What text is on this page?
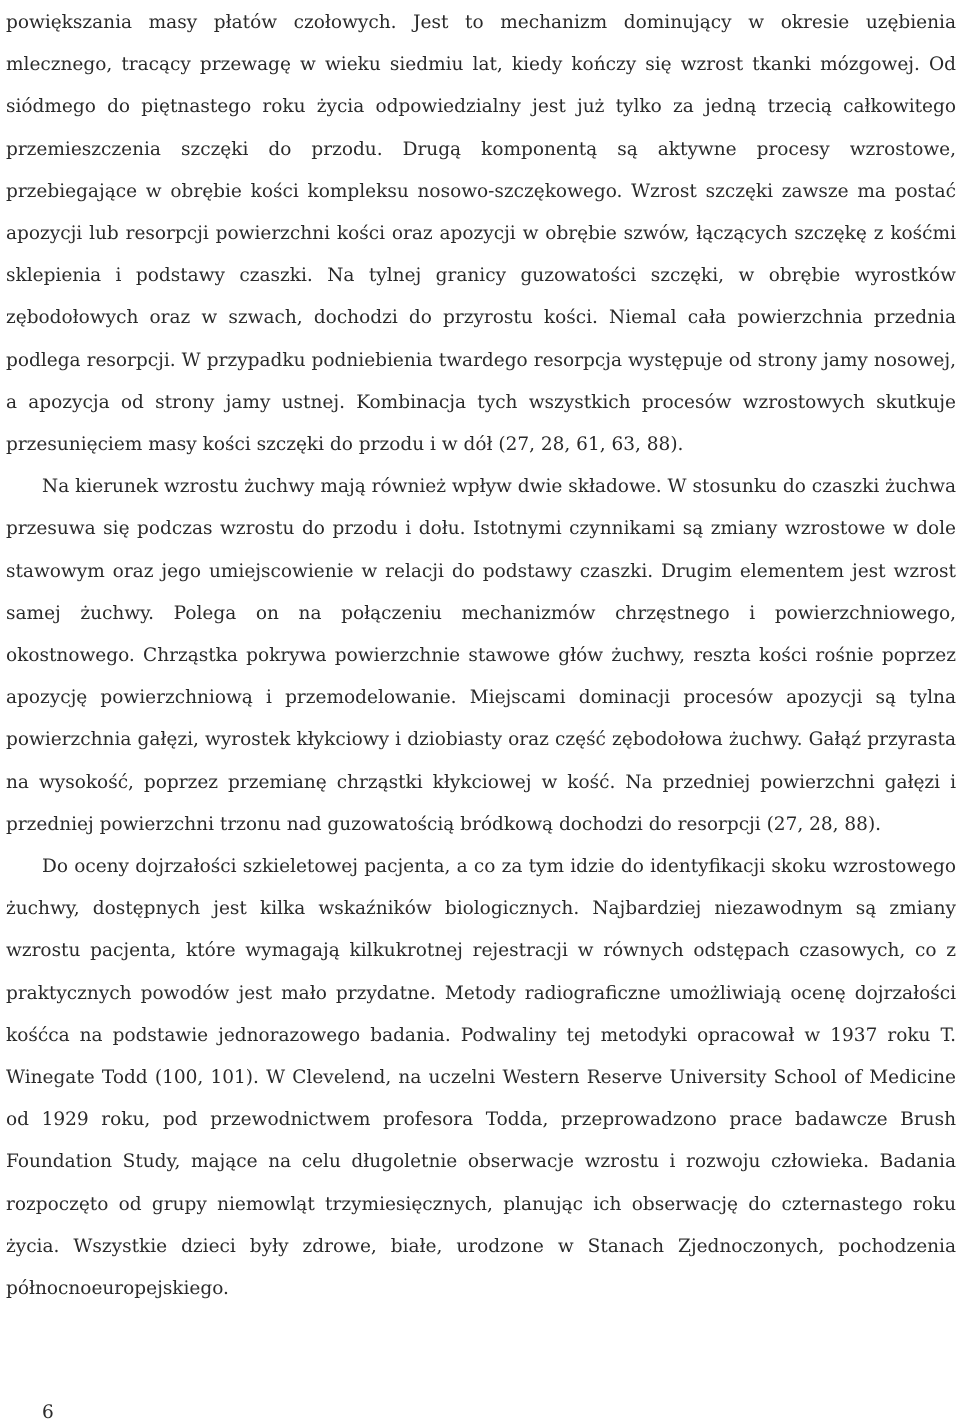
powiększania masy płatów czołowych. Jest to mechanizm dominujący w okresie uzębienia mlecznego, tracący przewagę w wieku siedmiu lat, kiedy kończy się wzrost tkanki mózgowej. Od siódmego do piętnastego roku życia odpowiedzialny jest już tylko za jedną trzecią całkowitego przemieszczenia szczęki do przodu. Drugą komponentą są aktywne procesy wzrostowe, przebiegające w obrębie kości kompleksu nosowo-szczękowego. Wzrost szczęki zawsze ma postać apozycji lub resorpcji powierzchni kości oraz apozycji w obrębie szwów, łączących szczękę z kośćmi sklepienia i podstawy czaszki. Na tylnej granicy guzowatości szczęki, w obrębie wyrostków zębodołowych oraz w szwach, dochodzi do przyrostu kości. Niemal cała powierzchnia przednia podlega resorpcji. W przypadku podniebienia twardego resorpcja występuje od strony jamy nosowej, a apozycja od strony jamy ustnej. Kombinacja tych wszystkich procesów wzrostowych skutkuje przesunięciem masy kości szczęki do przodu i w dół (27, 28, 61, 63, 88).

Na kierunek wzrostu żuchwy mają również wpływ dwie składowe. W stosunku do czaszki żuchwa przesuwa się podczas wzrostu do przodu i dołu. Istotnymi czynnikami są zmiany wzrostowe w dole stawowym oraz jego umiejscowienie w relacji do podstawy czaszki. Drugim elementem jest wzrost samej żuchwy. Polega on na połączeniu mechanizmów chrzęstnego i powierzchniowego, okostnowego. Chrząstka pokrywa powierzchnie stawowe głów żuchwy, reszta kości rośnie poprzez apozycję powierzchniową i przemodelowanie. Miejscami dominacji procesów apozycji są tylna powierzchnia gałęzi, wyrostek kłykciowy i dziobiasty oraz część zębodołowa żuchwy. Gałąź przyrasta na wysokość, poprzez przemianę chrząstki kłykciowej w kość. Na przedniej powierzchni gałęzi i przedniej powierzchni trzonu nad guzowatością bródkową dochodzi do resorpcji (27, 28, 88).

Do oceny dojrzałości szkieletowej pacjenta, a co za tym idzie do identyfikacji skoku wzrostowego żuchwy, dostępnych jest kilka wskaźników biologicznych. Najbardziej niezawodnym są zmiany wzrostu pacjenta, które wymagają kilkukrotnej rejestracji w równych odstępach czasowych, co z praktycznych powodów jest mało przydatne. Metody radiograficzne umożliwiają ocenę dojrzałości kośćca na podstawie jednorazowego badania. Podwaliny tej metodyki opracował w 1937 roku T. Winegate Todd (100, 101). W Clevelend, na uczelni Western Reserve University School of Medicine od 1929 roku, pod przewodnictwem profesora Todda, przeprowadzono prace badawcze Brush Foundation Study, mające na celu długoletnie obserwacje wzrostu i rozwoju człowieka. Badania rozpoczęto od grupy niemowląt trzymiesięcznych, planując ich obserwację do czternastego roku życia. Wszystkie dzieci były zdrowe, białe, urodzone w Stanach Zjednoczonych, pochodzenia północnoeuropejskiego.

6
